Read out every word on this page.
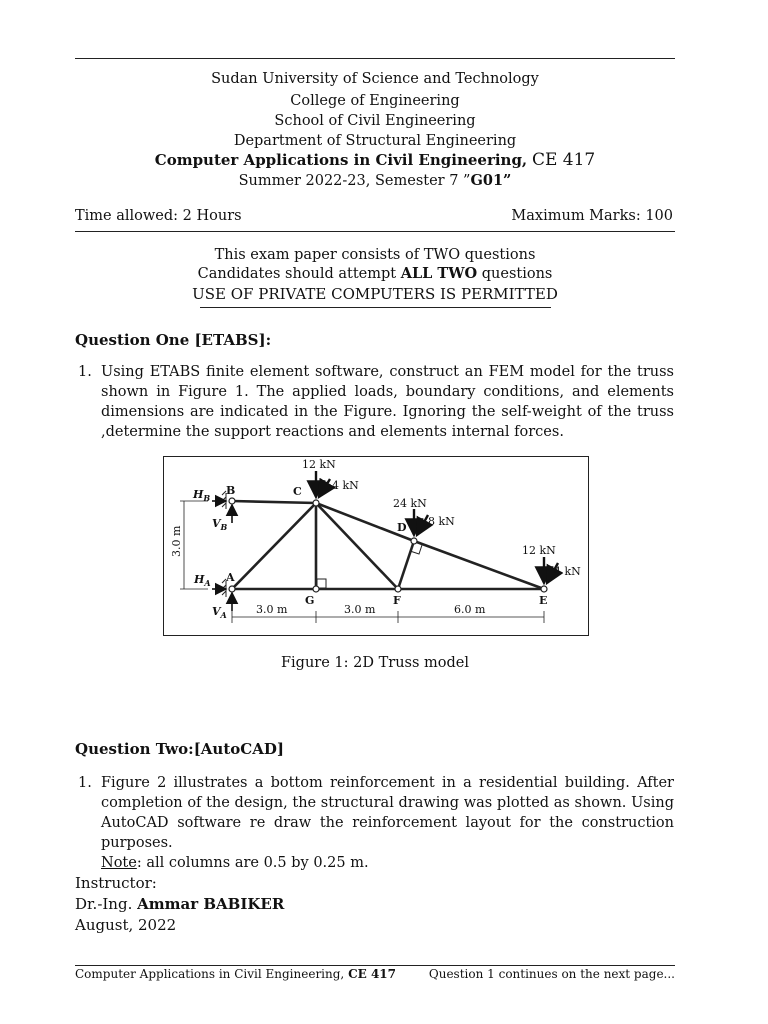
Sudan University of Science and Technology
College of Engineering
School of Civil Engineering
Department of Structural Engineering
Computer Applications in Civil Engineering, CE 417
Summer 2022-23, Semester 7 ”G01”
Time allowed: 2 Hours	Maximum Marks: 100
This exam paper consists of TWO questions
Candidates should attempt ALL TWO questions
USE OF PRIVATE COMPUTERS IS PERMITTED
Question One [ETABS]:
1. Using ETABS finite element software, construct an FEM model for the truss shown in Figure 1. The applied loads, boundary conditions, and elements dimensions are indicated in the Figure. Ignoring the self-weight of the truss ,determine the support reactions and elements internal forces.
12 kN
4 kN
24 kN
8 kN
12 kN
4 kN
B	C
D
A
G	F	E
$H_B$
$V_B$
$H_A$
$V_A$
3.0 m
3.0 m	3.0 m	6.0 m
Figure 1: 2D Truss model
Question Two:[AutoCAD]
1. Figure 2 illustrates a bottom reinforcement in a residential building. After completion of the design, the structural drawing was plotted as shown. Using AutoCAD software re draw the reinforcement layout for the construction purposes.
Note: all columns are 0.5 by 0.25 m.
Instructor:
Dr.-Ing. Ammar BABIKER
August, 2022
Computer Applications in Civil Engineering, CE 417	Question 1 continues on the next page...
